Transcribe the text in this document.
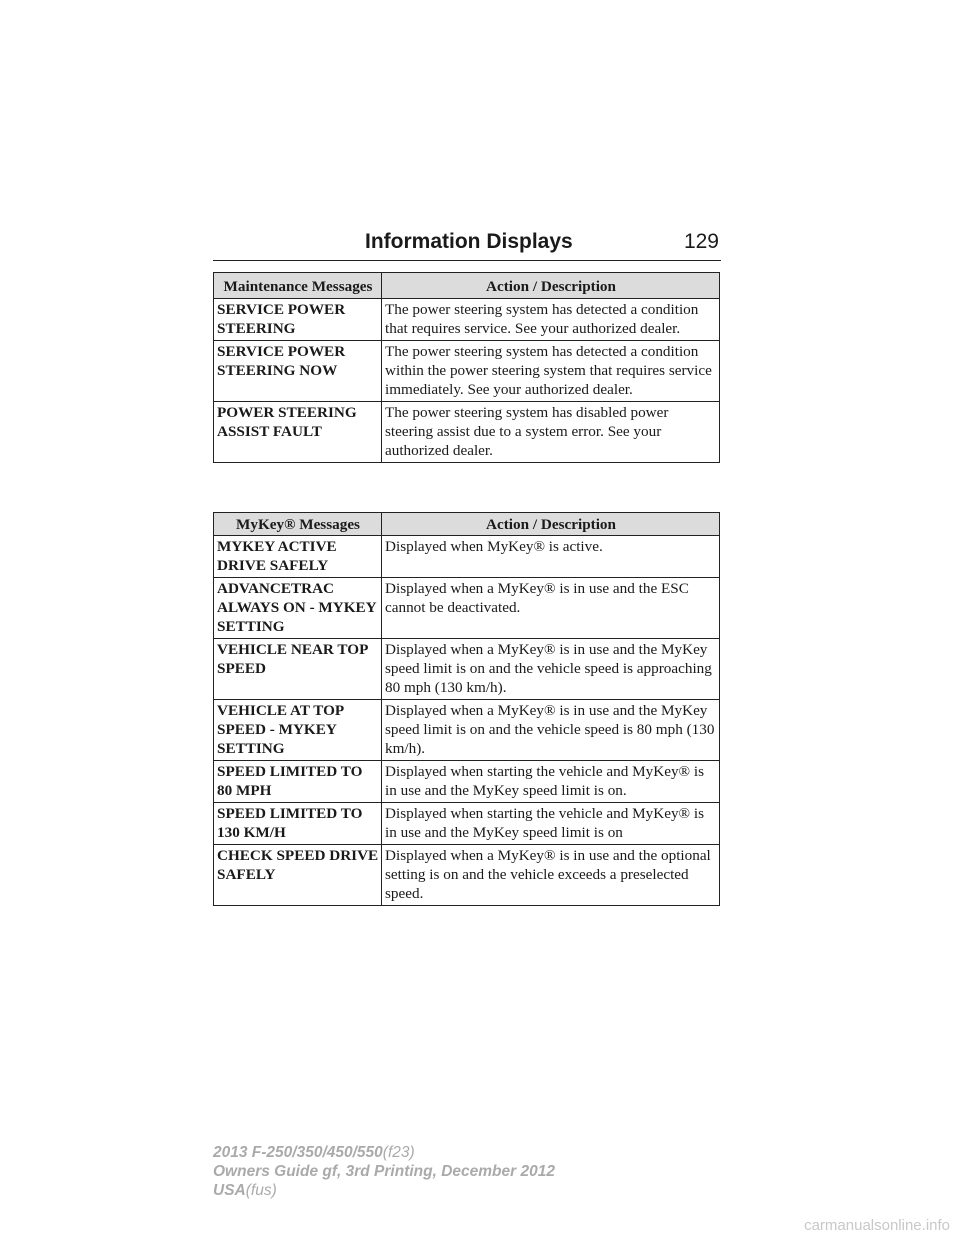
Information Displays	129
Maintenance Messages	Action / Description
SERVICE POWER STEERING	The power steering system has detected a condition that requires service. See your authorized dealer.
SERVICE POWER STEERING NOW	The power steering system has detected a condition within the power steering system that requires service immediately. See your authorized dealer.
POWER STEERING ASSIST FAULT	The power steering system has disabled power steering assist due to a system error. See your authorized dealer.
MyKey® Messages	Action / Description
MYKEY ACTIVE DRIVE SAFELY	Displayed when MyKey® is active.
ADVANCETRAC ALWAYS ON - MYKEY SETTING	Displayed when a MyKey® is in use and the ESC cannot be deactivated.
VEHICLE NEAR TOP SPEED	Displayed when a MyKey® is in use and the MyKey speed limit is on and the vehicle speed is approaching 80 mph (130 km/h).
VEHICLE AT TOP SPEED - MYKEY SETTING	Displayed when a MyKey® is in use and the MyKey speed limit is on and the vehicle speed is 80 mph (130 km/h).
SPEED LIMITED TO 80 MPH	Displayed when starting the vehicle and MyKey® is in use and the MyKey speed limit is on.
SPEED LIMITED TO 130 KM/H	Displayed when starting the vehicle and MyKey® is in use and the MyKey speed limit is on
CHECK SPEED DRIVE SAFELY	Displayed when a MyKey® is in use and the optional setting is on and the vehicle exceeds a preselected speed.
2013 F-250/350/450/550(f23)
Owners Guide gf, 3rd Printing, December 2012
USA(fus)
carmanualsonline.info
